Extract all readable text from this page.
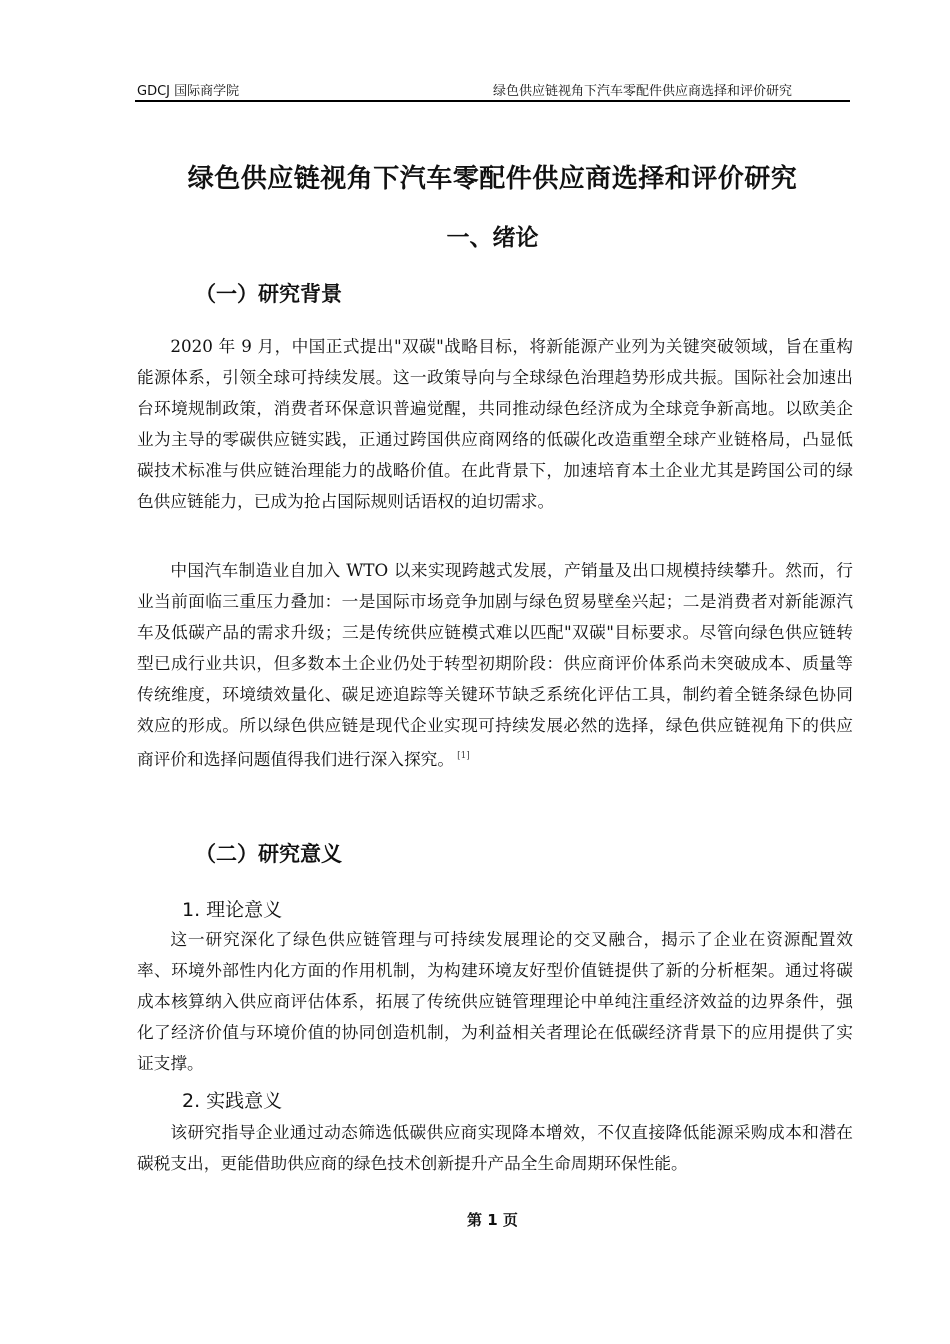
GDCJ 国际商学院	绿色供应链视角下汽车零配件供应商选择和评价研究
绿色供应链视角下汽车零配件供应商选择和评价研究
一、绪论
（一）研究背景

2020 年 9 月，中国正式提出"双碳"战略目标，将新能源产业列为关键突破领域，旨在重构能源体系，引领全球可持续发展。这一政策导向与全球绿色治理趋势形成共振。国际社会加速出台环境规制政策，消费者环保意识普遍觉醒，共同推动绿色经济成为全球竞争新高地。以欧美企业为主导的零碳供应链实践，正通过跨国供应商网络的低碳化改造重塑全球产业链格局，凸显低碳技术标准与供应链治理能力的战略价值。在此背景下，加速培育本土企业尤其是跨国公司的绿色供应链能力，已成为抢占国际规则话语权的迫切需求。

中国汽车制造业自加入 WTO 以来实现跨越式发展，产销量及出口规模持续攀升。然而，行业当前面临三重压力叠加：一是国际市场竞争加剧与绿色贸易壁垒兴起；二是消费者对新能源汽车及低碳产品的需求升级；三是传统供应链模式难以匹配"双碳"目标要求。尽管向绿色供应链转型已成行业共识，但多数本土企业仍处于转型初期阶段：供应商评价体系尚未突破成本、质量等传统维度，环境绩效量化、碳足迹追踪等关键环节缺乏系统化评估工具，制约着全链条绿色协同效应的形成。所以绿色供应链是现代企业实现可持续发展必然的选择，绿色供应链视角下的供应商评价和选择问题值得我们进行深入探究。 [1]

（二）研究意义
1. 理论意义

这一研究深化了绿色供应链管理与可持续发展理论的交叉融合，揭示了企业在资源配置效率、环境外部性内化方面的作用机制，为构建环境友好型价值链提供了新的分析框架。通过将碳成本核算纳入供应商评估体系，拓展了传统供应链管理理论中单纯注重经济效益的边界条件，强化了经济价值与环境价值的协同创造机制，为利益相关者理论在低碳经济背景下的应用提供了实证支撑。

2. 实践意义

该研究指导企业通过动态筛选低碳供应商实现降本增效，不仅直接降低能源采购成本和潜在碳税支出，更能借助供应商的绿色技术创新提升产品全生命周期环保性能。

第 1 页
